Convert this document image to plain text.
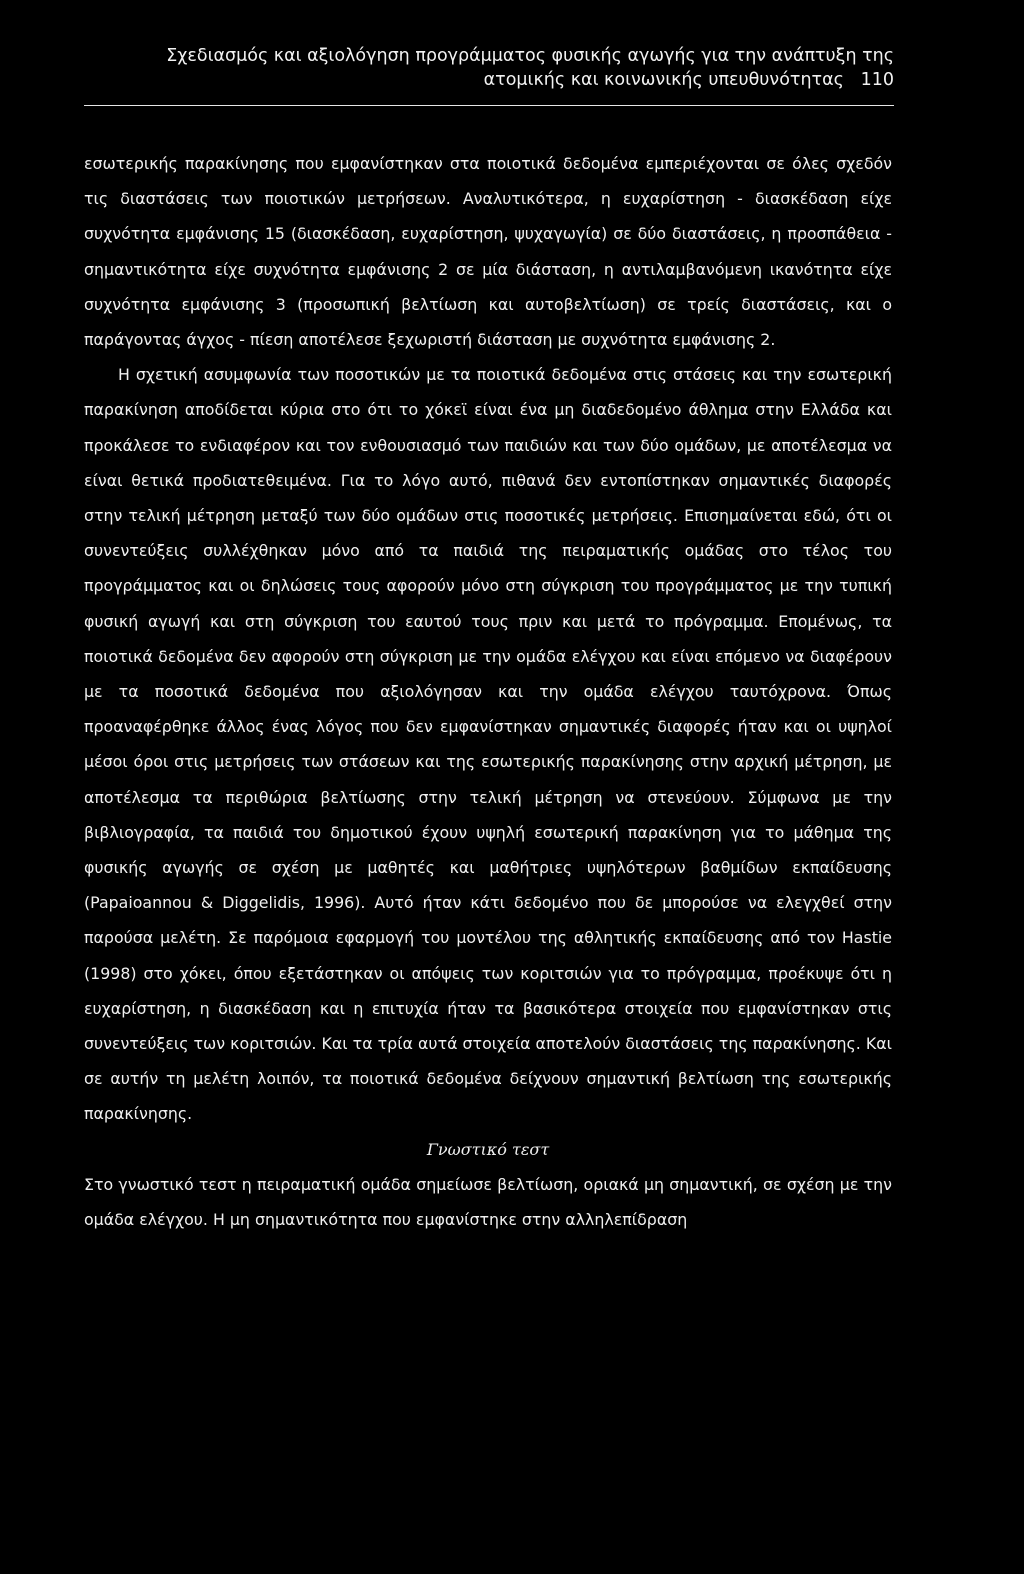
Σχεδιασμός και αξιολόγηση προγράμματος φυσικής αγωγής για την ανάπτυξη της
ατομικής και κοινωνικής υπευθυνότητας 110

εσωτερικής παρακίνησης που εμφανίστηκαν στα ποιοτικά δεδομένα εμπεριέχονται σε όλες σχεδόν τις διαστάσεις των ποιοτικών μετρήσεων. Αναλυτικότερα, η ευχαρίστηση - διασκέδαση είχε συχνότητα εμφάνισης 15 (διασκέδαση, ευχαρίστηση, ψυχαγωγία) σε δύο διαστάσεις, η προσπάθεια - σημαντικότητα είχε συχνότητα εμφάνισης 2 σε μία διάσταση, η αντιλαμβανόμενη ικανότητα είχε συχνότητα εμφάνισης 3 (προσωπική βελτίωση και αυτοβελτίωση) σε τρείς διαστάσεις, και ο παράγοντας άγχος - πίεση αποτέλεσε ξεχωριστή διάσταση με συχνότητα εμφάνισης 2.

Η σχετική ασυμφωνία των ποσοτικών με τα ποιοτικά δεδομένα στις στάσεις και την εσωτερική παρακίνηση αποδίδεται κύρια στο ότι το χόκεϊ είναι ένα μη διαδεδομένο άθλημα στην Ελλάδα και προκάλεσε το ενδιαφέρον και τον ενθουσιασμό των παιδιών και των δύο ομάδων, με αποτέλεσμα να είναι θετικά προδιατεθειμένα. Για το λόγο αυτό, πιθανά δεν εντοπίστηκαν σημαντικές διαφορές στην τελική μέτρηση μεταξύ των δύο ομάδων στις ποσοτικές μετρήσεις. Επισημαίνεται εδώ, ότι οι συνεντεύξεις συλλέχθηκαν μόνο από τα παιδιά της πειραματικής ομάδας στο τέλος του προγράμματος και οι δηλώσεις τους αφορούν μόνο στη σύγκριση του προγράμματος με την τυπική φυσική αγωγή και στη σύγκριση του εαυτού τους πριν και μετά το πρόγραμμα. Επομένως, τα ποιοτικά δεδομένα δεν αφορούν στη σύγκριση με την ομάδα ελέγχου και είναι επόμενο να διαφέρουν με τα ποσοτικά δεδομένα που αξιολόγησαν και την ομάδα ελέγχου ταυτόχρονα. Όπως προαναφέρθηκε άλλος ένας λόγος που δεν εμφανίστηκαν σημαντικές διαφορές ήταν και οι υψηλοί μέσοι όροι στις μετρήσεις των στάσεων και της εσωτερικής παρακίνησης στην αρχική μέτρηση, με αποτέλεσμα τα περιθώρια βελτίωσης στην τελική μέτρηση να στενεύουν. Σύμφωνα με την βιβλιογραφία, τα παιδιά του δημοτικού έχουν υψηλή εσωτερική παρακίνηση για το μάθημα της φυσικής αγωγής σε σχέση με μαθητές και μαθήτριες υψηλότερων βαθμίδων εκπαίδευσης (Papaioannou & Diggelidis, 1996). Αυτό ήταν κάτι δεδομένο που δε μπορούσε να ελεγχθεί στην παρούσα μελέτη. Σε παρόμοια εφαρμογή του μοντέλου της αθλητικής εκπαίδευσης από τον Hastie (1998) στο χόκει, όπου εξετάστηκαν οι απόψεις των κοριτσιών για το πρόγραμμα, προέκυψε ότι η ευχαρίστηση, η διασκέδαση και η επιτυχία ήταν τα βασικότερα στοιχεία που εμφανίστηκαν στις συνεντεύξεις των κοριτσιών. Και τα τρία αυτά στοιχεία αποτελούν διαστάσεις της παρακίνησης. Και σε αυτήν τη μελέτη λοιπόν, τα ποιοτικά δεδομένα δείχνουν σημαντική βελτίωση της εσωτερικής παρακίνησης.

Γνωστικό τεστ

Στο γνωστικό τεστ η πειραματική ομάδα σημείωσε βελτίωση, οριακά μη σημαντική, σε σχέση με την ομάδα ελέγχου. Η μη σημαντικότητα που εμφανίστηκε στην αλληλεπίδραση
